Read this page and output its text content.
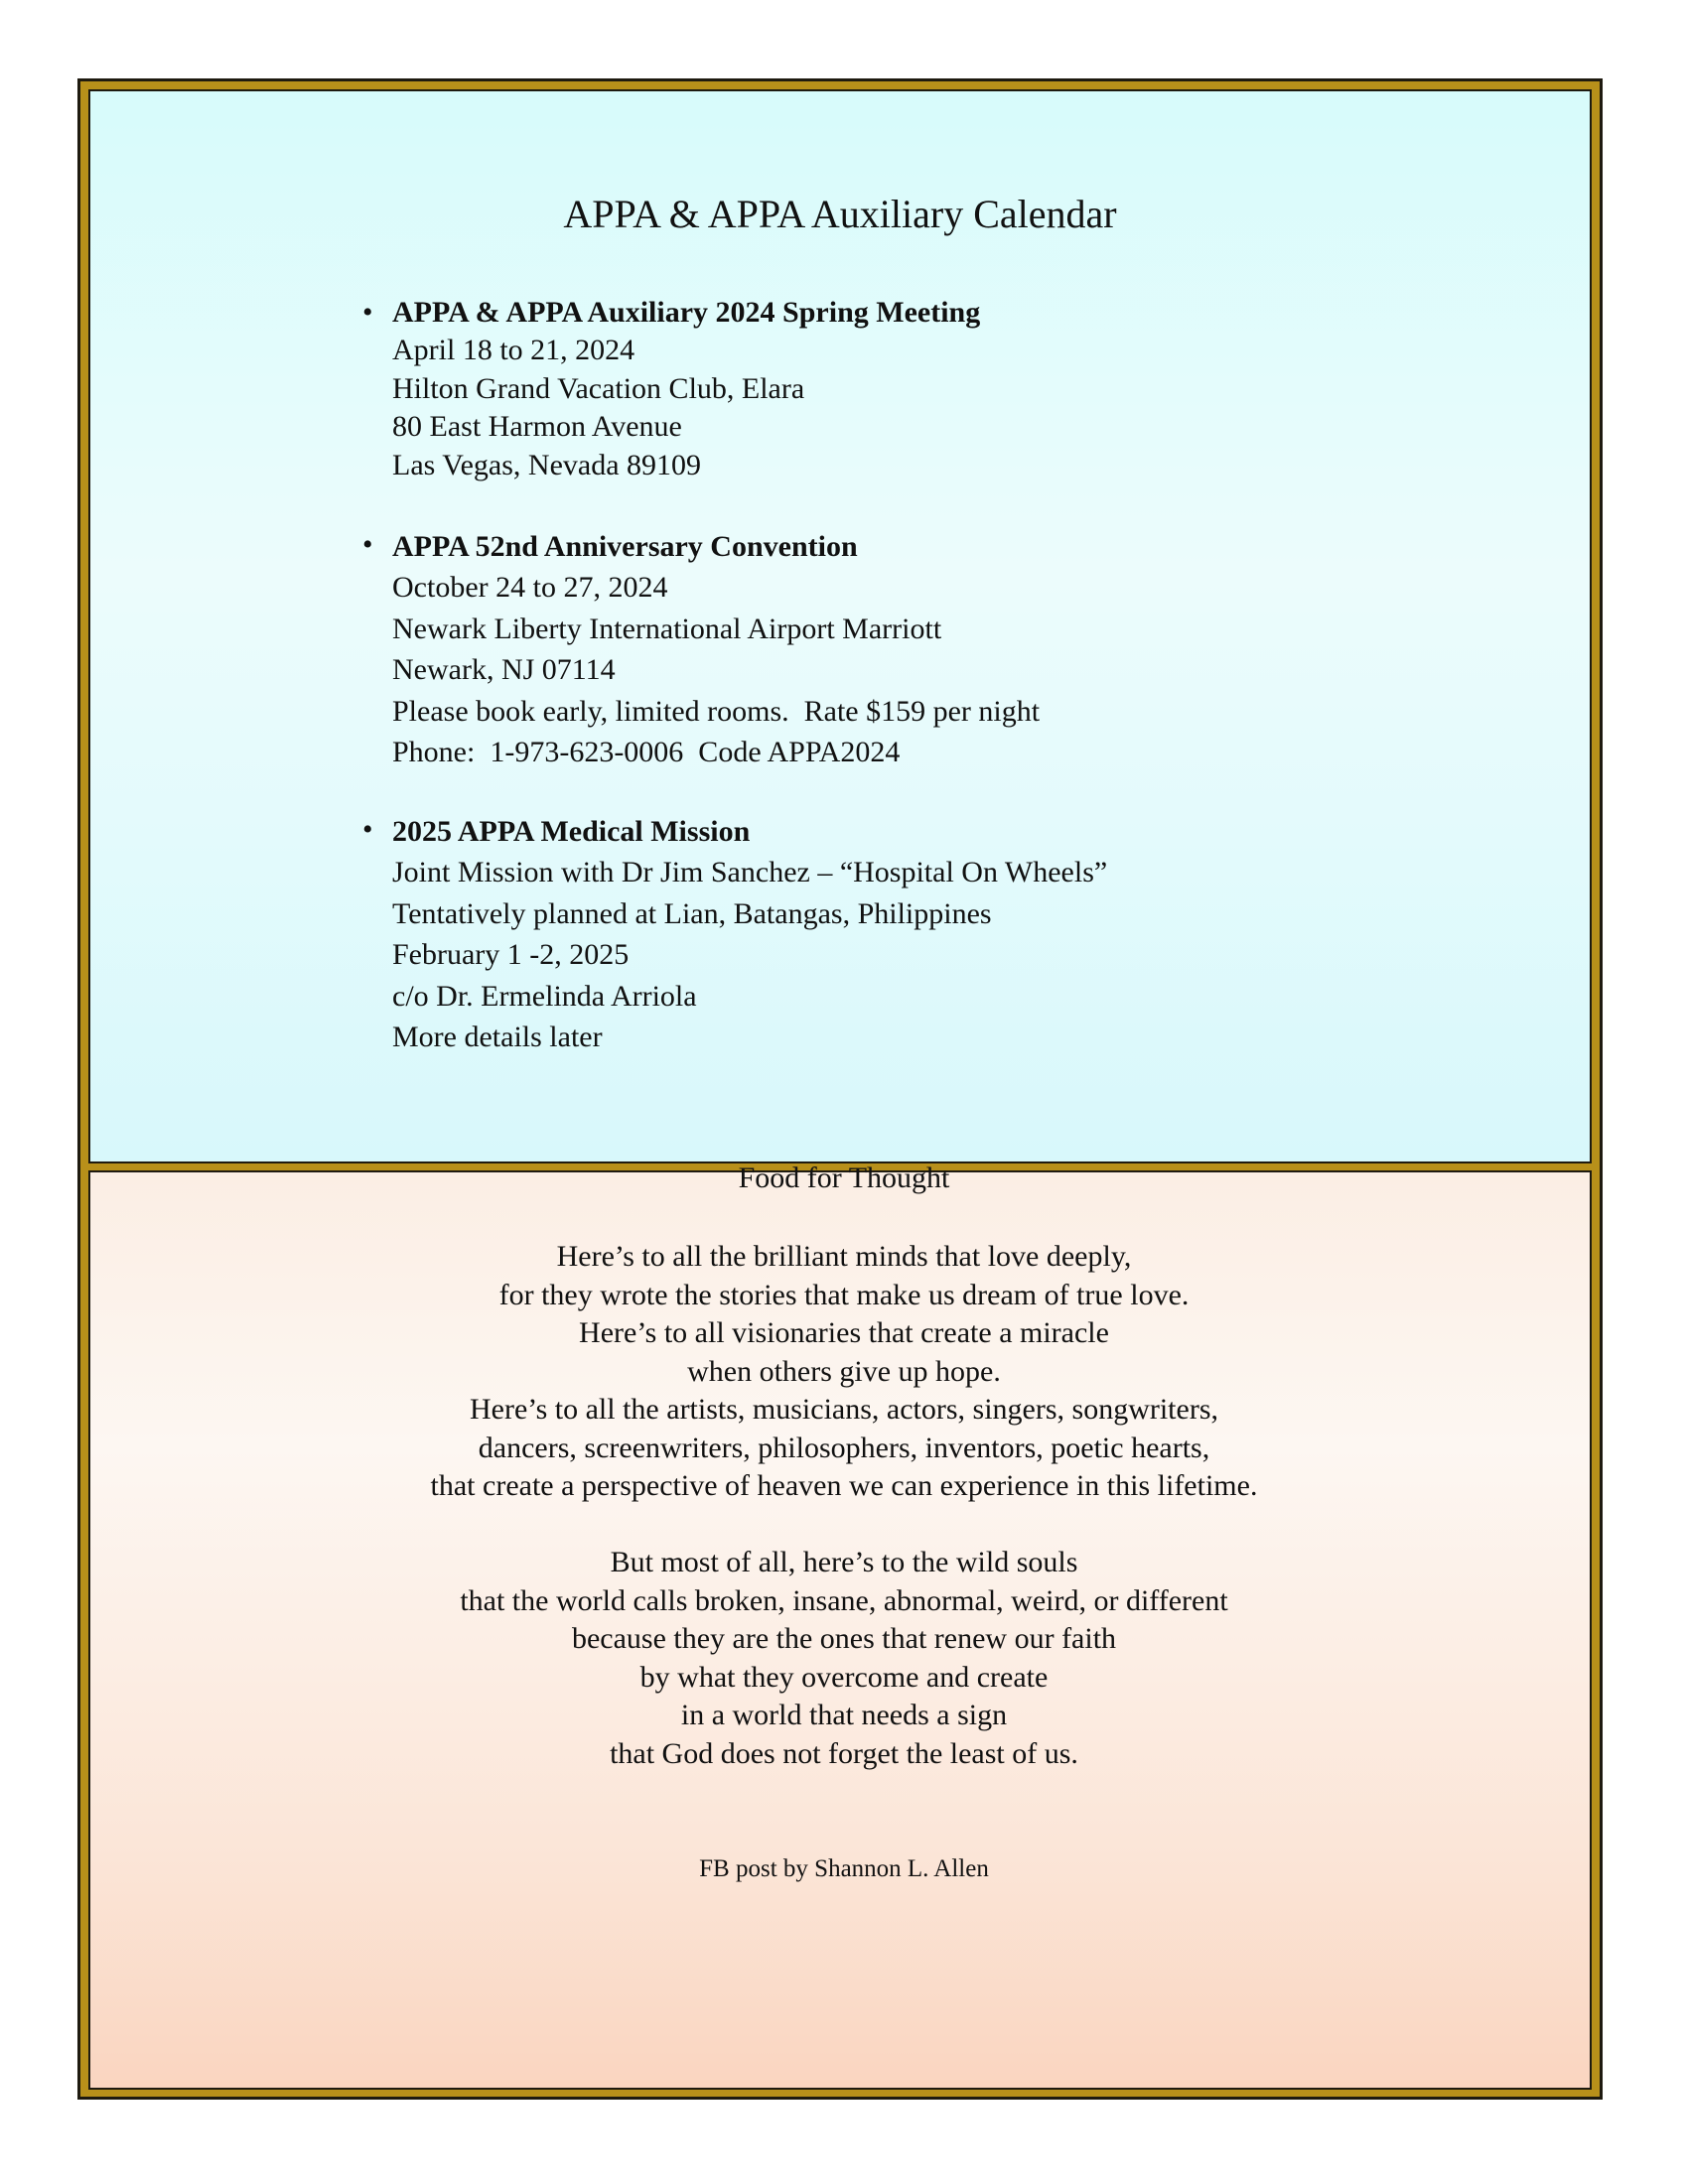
APPA & APPA Auxiliary Calendar
• APPA & APPA Auxiliary 2024 Spring Meeting
April 18 to 21, 2024
Hilton Grand Vacation Club, Elara
80 East Harmon Avenue
Las Vegas, Nevada 89109
• APPA 52nd Anniversary Convention
October 24 to 27, 2024
Newark Liberty International Airport Marriott
Newark, NJ 07114
Please book early, limited rooms.  Rate $159 per night
Phone:  1-973-623-0006  Code APPA2024
• 2025 APPA Medical Mission
Joint Mission with Dr Jim Sanchez – “Hospital On Wheels”
Tentatively planned at Lian, Batangas, Philippines
February 1 -2, 2025
c/o Dr. Ermelinda Arriola
More details later
Food for Thought
Here’s to all the brilliant minds that love deeply,
for they wrote the stories that make us dream of true love.
Here’s to all visionaries that create a miracle
when others give up hope.
Here’s to all the artists, musicians, actors, singers, songwriters,
dancers, screenwriters, philosophers, inventors, poetic hearts,
that create a perspective of heaven we can experience in this lifetime.
But most of all, here’s to the wild souls
that the world calls broken, insane, abnormal, weird, or different
because they are the ones that renew our faith
by what they overcome and create
in a world that needs a sign
that God does not forget the least of us.
FB post by Shannon L. Allen
